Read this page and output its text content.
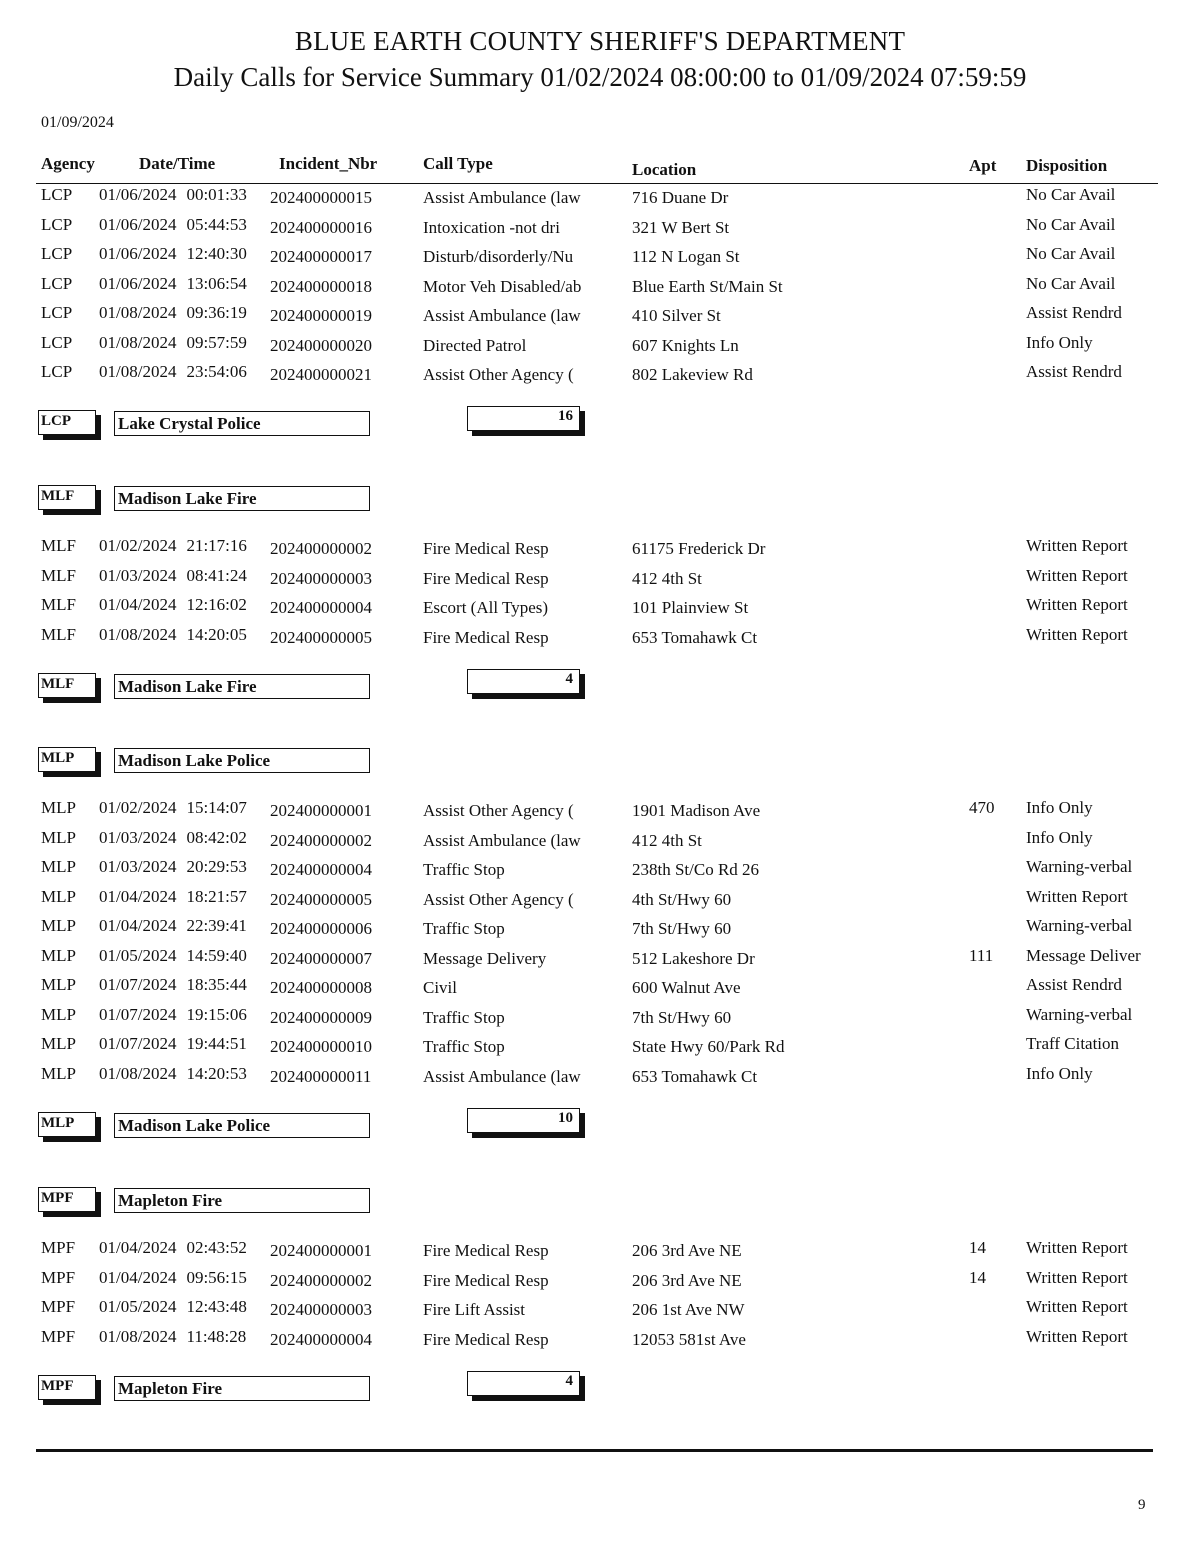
BLUE EARTH COUNTY SHERIFF'S DEPARTMENT
Daily Calls for Service Summary 01/02/2024 08:00:00 to 01/09/2024 07:59:59
01/09/2024
Agency	Date/Time	Incident_Nbr	Call Type	Location	Apt Disposition
LCP 01/06/2024 00:01:33 202400000015	Assist Ambulance (law	716 Duane Dr	No Car Avail
LCP 01/06/2024 05:44:53 202400000016	Intoxication -not dri	321 W Bert St	No Car Avail
LCP 01/06/2024 12:40:30 202400000017	Disturb/disorderly/Nu	112 N Logan St	No Car Avail
LCP 01/06/2024 13:06:54 202400000018	Motor Veh Disabled/ab	Blue Earth St/Main St	No Car Avail
LCP 01/08/2024 09:36:19 202400000019	Assist Ambulance (law	410 Silver St	Assist Rendrd
LCP 01/08/2024 09:57:59 202400000020	Directed Patrol	607 Knights Ln	Info Only
LCP 01/08/2024 23:54:06 202400000021	Assist Other Agency (	802 Lakeview Rd	Assist Rendrd
LCP	Lake Crystal Police	16
MLF	Madison Lake Fire
MLF 01/02/2024 21:17:16 202400000002	Fire Medical Resp	61175 Frederick Dr	Written Report
MLF 01/03/2024 08:41:24 202400000003	Fire Medical Resp	412 4th St	Written Report
MLF 01/04/2024 12:16:02 202400000004	Escort (All Types)	101 Plainview St	Written Report
MLF 01/08/2024 14:20:05 202400000005	Fire Medical Resp	653 Tomahawk Ct	Written Report
MLF	Madison Lake Fire	4
MLP	Madison Lake Police
MLP 01/02/2024 15:14:07 202400000001	Assist Other Agency (	1901 Madison Ave	470 Info Only
MLP 01/03/2024 08:42:02 202400000002	Assist Ambulance (law	412 4th St	Info Only
MLP 01/03/2024 20:29:53 202400000004	Traffic Stop	238th St/Co Rd 26	Warning-verbal
MLP 01/04/2024 18:21:57 202400000005	Assist Other Agency (	4th St/Hwy 60	Written Report
MLP 01/04/2024 22:39:41 202400000006	Traffic Stop	7th St/Hwy 60	Warning-verbal
MLP 01/05/2024 14:59:40 202400000007	Message Delivery	512 Lakeshore Dr	111 Message Deliver
MLP 01/07/2024 18:35:44 202400000008	Civil	600 Walnut Ave	Assist Rendrd
MLP 01/07/2024 19:15:06 202400000009	Traffic Stop	7th St/Hwy 60	Warning-verbal
MLP 01/07/2024 19:44:51 202400000010	Traffic Stop	State Hwy 60/Park Rd	Traff Citation
MLP 01/08/2024 14:20:53 202400000011	Assist Ambulance (law	653 Tomahawk Ct	Info Only
MLP	Madison Lake Police	10
MPF	Mapleton Fire
MPF 01/04/2024 02:43:52 202400000001	Fire Medical Resp	206 3rd Ave NE	14 Written Report
MPF 01/04/2024 09:56:15 202400000002	Fire Medical Resp	206 3rd Ave NE	14 Written Report
MPF 01/05/2024 12:43:48 202400000003	Fire Lift Assist	206 1st Ave NW	Written Report
MPF 01/08/2024 11:48:28 202400000004	Fire Medical Resp	12053 581st Ave	Written Report
MPF	Mapleton Fire	4
9
